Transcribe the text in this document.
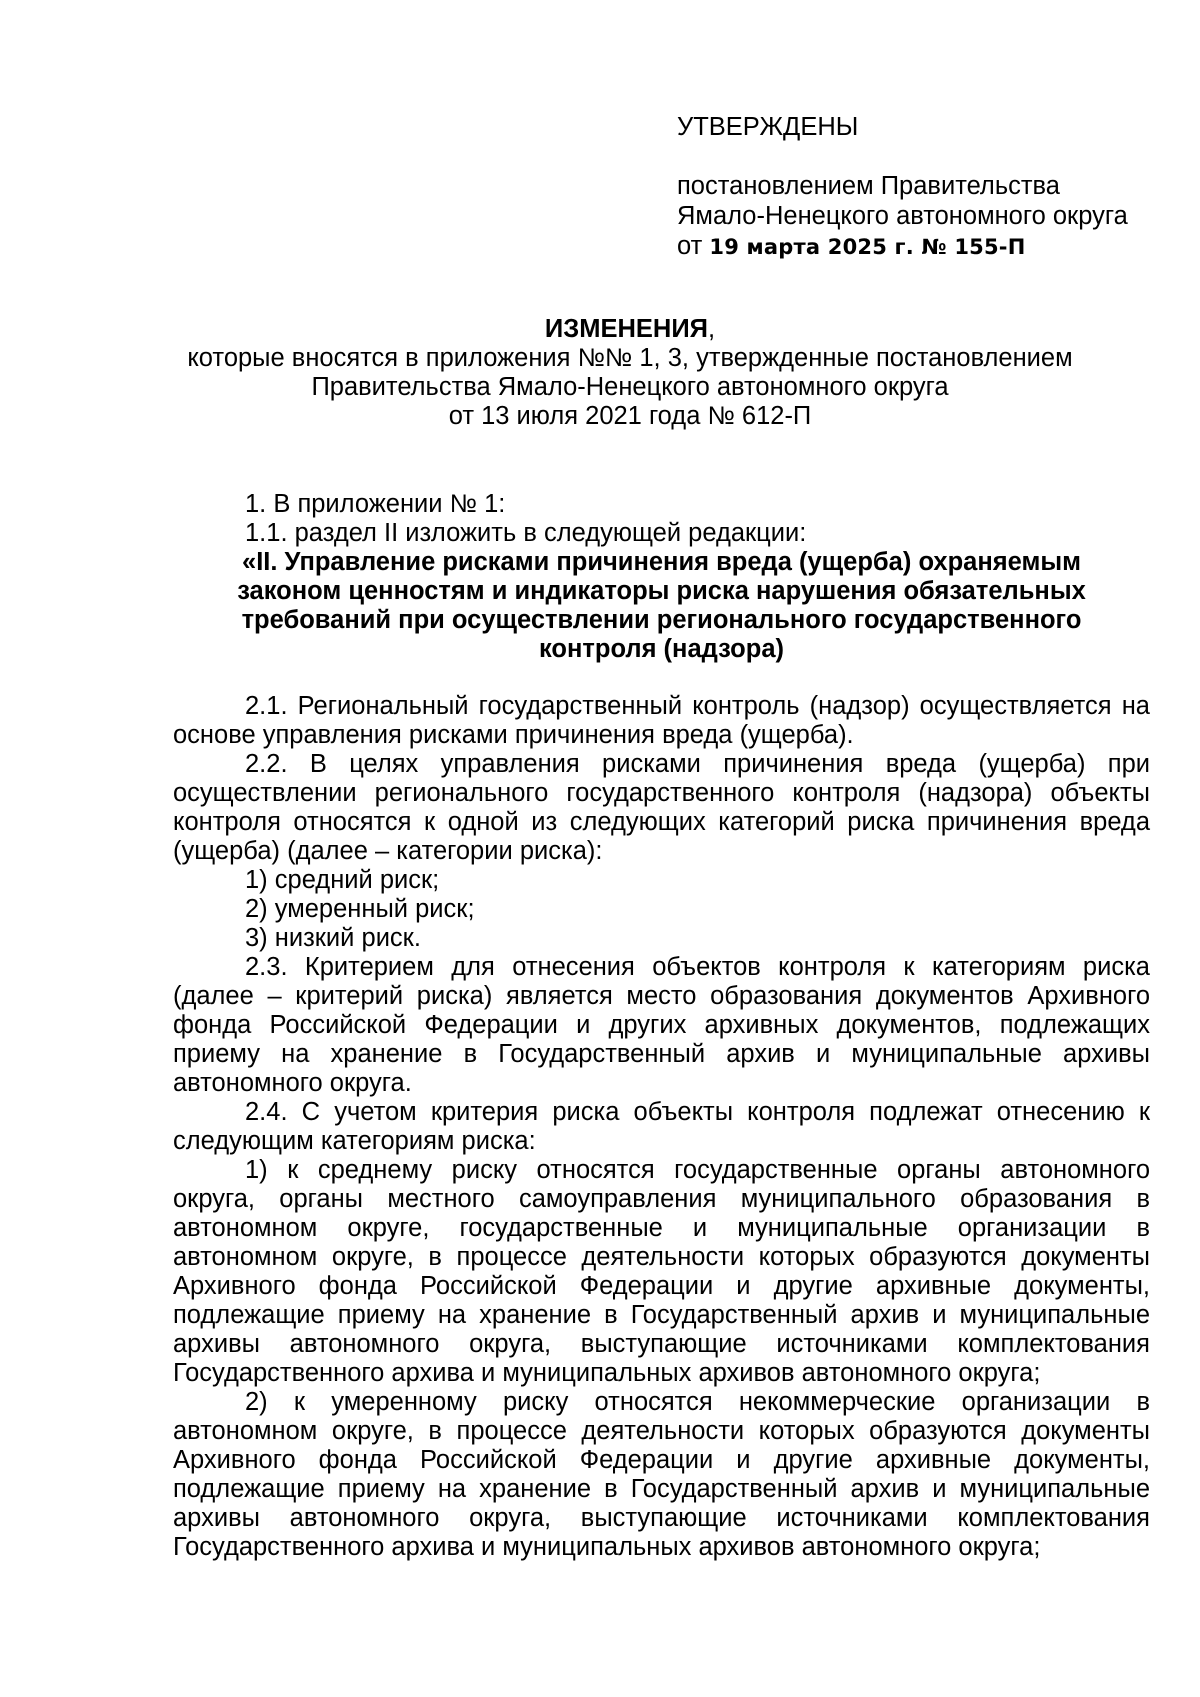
УТВЕРЖДЕНЫ
постановлением Правительства
Ямало-Ненецкого автономного округа
от 19 марта 2025 г. № 155-П
ИЗМЕНЕНИЯ,
которые вносятся в приложения №№ 1, 3, утвержденные постановлением
Правительства Ямало-Ненецкого автономного округа
от 13 июля 2021 года № 612-П

1. В приложении № 1:

1.1. раздел II изложить в следующей редакции:

«II. Управление рисками причинения вреда (ущерба) охраняемым
законом ценностям и индикаторы риска нарушения обязательных
требований при осуществлении регионального государственного
контроля (надзора)

2.1. Региональный государственный контроль (надзор) осуществляется на основе управления рисками причинения вреда (ущерба).

2.2. В целях управления рисками причинения вреда (ущерба) при осуществлении регионального государственного контроля (надзора) объекты контроля относятся к одной из следующих категорий риска причинения вреда (ущерба) (далее – категории риска):

1) средний риск;

2) умеренный риск;

3) низкий риск.

2.3. Критерием для отнесения объектов контроля к категориям риска (далее – критерий риска) является место образования документов Архивного фонда Российской Федерации и других архивных документов, подлежащих приему на хранение в Государственный архив и муниципальные архивы автономного округа.

2.4. С учетом критерия риска объекты контроля подлежат отнесению к следующим категориям риска:

1) к среднему риску относятся государственные органы автономного округа, органы местного самоуправления муниципального образования в автономном округе, государственные и муниципальные организации в автономном округе, в процессе деятельности которых образуются документы Архивного фонда Российской Федерации и другие архивные документы, подлежащие приему на хранение в Государственный архив и муниципальные архивы автономного округа, выступающие источниками комплектования Государственного архива и муниципальных архивов автономного округа;

2) к умеренному риску относятся некоммерческие организации в автономном округе, в процессе деятельности которых образуются документы Архивного фонда Российской Федерации и другие архивные документы, подлежащие приему на хранение в Государственный архив и муниципальные архивы автономного округа, выступающие источниками комплектования Государственного архива и муниципальных архивов автономного округа;
